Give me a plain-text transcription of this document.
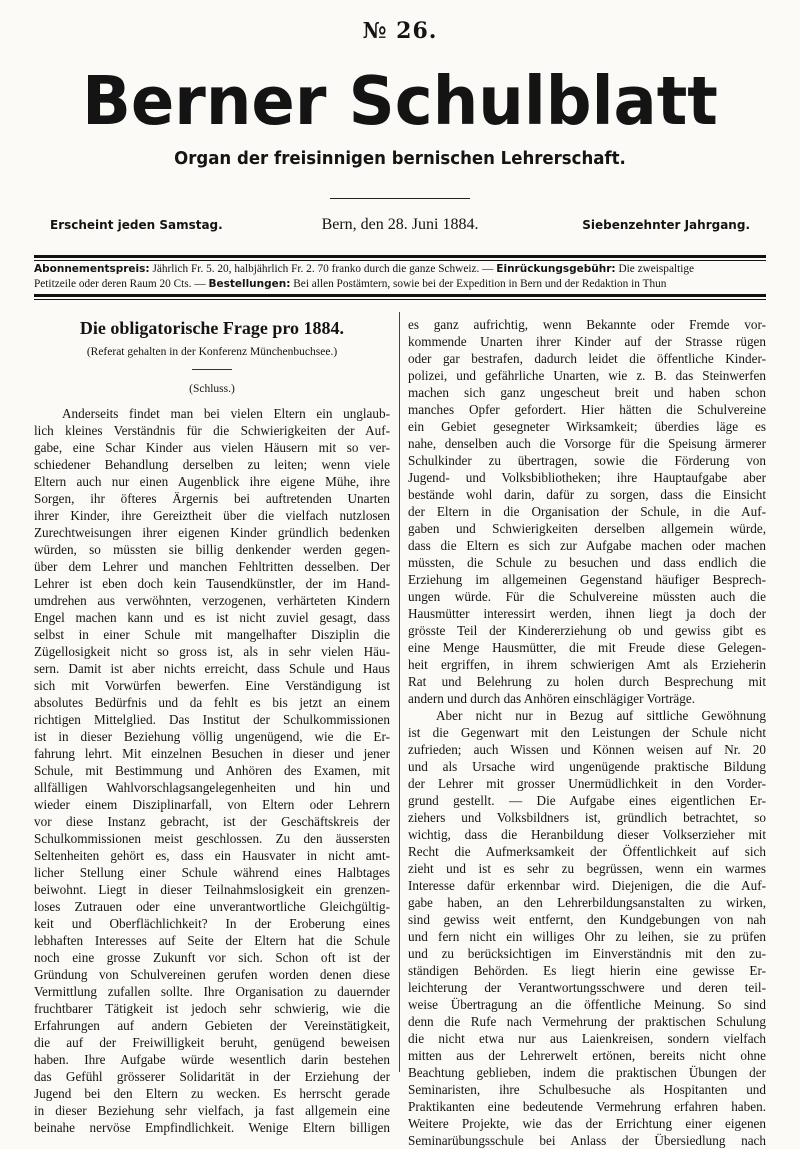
№ 26.
Berner Schulblatt
Organ der freisinnigen bernischen Lehrerschaft.
Erscheint jeden Samstag.	Bern, den 28. Juni 1884.	Siebenzehnter Jahrgang.
Abonnementspreis: Jährlich Fr. 5. 20, halbjährlich Fr. 2. 70 franko durch die ganze Schweiz. — Einrückungsgebühr: Die zweispaltige
Petitzeile oder deren Raum 20 Cts. — Bestellungen: Bei allen Postämtern, sowie bei der Expedition in Bern und der Redaktion in Thun
Die obligatorische Frage pro 1884.
(Referat gehalten in der Konferenz Münchenbuchsee.)
(Schluss.)
Anderseits findet man bei vielen Eltern ein unglaub-
lich kleines Verständnis für die Schwierigkeiten der Auf-
gabe, eine Schar Kinder aus vielen Häusern mit so ver-
schiedener Behandlung derselben zu leiten; wenn viele
Eltern auch nur einen Augenblick ihre eigene Mühe, ihre
Sorgen, ihr öfteres Ärgernis bei auftretenden Unarten
ihrer Kinder, ihre Gereiztheit über die vielfach nutzlosen
Zurechtweisungen ihrer eigenen Kinder gründlich bedenken
würden, so müssten sie billig denkender werden gegen-
über dem Lehrer und manchen Fehltritten desselben. Der
Lehrer ist eben doch kein Tausendkünstler, der im Hand-
umdrehen aus verwöhnten, verzogenen, verhärteten Kindern
Engel machen kann und es ist nicht zuviel gesagt, dass
selbst in einer Schule mit mangelhafter Disziplin die
Zügellosigkeit nicht so gross ist, als in sehr vielen Häu-
sern. Damit ist aber nichts erreicht, dass Schule und Haus
sich mit Vorwürfen bewerfen. Eine Verständigung ist
absolutes Bedürfnis und da fehlt es bis jetzt an einem
richtigen Mittelglied. Das Institut der Schulkommissionen
ist in dieser Beziehung völlig ungenügend, wie die Er-
fahrung lehrt. Mit einzelnen Besuchen in dieser und jener
Schule, mit Bestimmung und Anhören des Examen, mit
allfälligen Wahlvorschlagsangelegenheiten und hin und
wieder einem Disziplinarfall, von Eltern oder Lehrern
vor diese Instanz gebracht, ist der Geschäftskreis der
Schulkommissionen meist geschlossen. Zu den äussersten
Seltenheiten gehört es, dass ein Hausvater in nicht amt-
licher Stellung einer Schule während eines Halbtages
beiwohnt. Liegt in dieser Teilnahmslosigkeit ein grenzen-
loses Zutrauen oder eine unverantwortliche Gleichgültig-
keit und Oberflächlichkeit? In der Eroberung eines
lebhaften Interesses auf Seite der Eltern hat die Schule
noch eine grosse Zukunft vor sich. Schon oft ist der
Gründung von Schulvereinen gerufen worden denen diese
Vermittlung zufallen sollte. Ihre Organisation zu dauernder
fruchtbarer Tätigkeit ist jedoch sehr schwierig, wie die
Erfahrungen auf andern Gebieten der Vereinstätigkeit,
die auf der Freiwilligkeit beruht, genügend beweisen
haben. Ihre Aufgabe würde wesentlich darin bestehen
das Gefühl grösserer Solidarität in der Erziehung der
Jugend bei den Eltern zu wecken. Es herrscht gerade
in dieser Beziehung sehr vielfach, ja fast allgemein eine
beinahe nervöse Empfindlichkeit. Wenige Eltern billigen
es ganz aufrichtig, wenn Bekannte oder Fremde vor-
kommende Unarten ihrer Kinder auf der Strasse rügen
oder gar bestrafen, dadurch leidet die öffentliche Kinder-
polizei, und gefährliche Unarten, wie z. B. das Steinwerfen
machen sich ganz ungescheut breit und haben schon
manches Opfer gefordert. Hier hätten die Schulvereine
ein Gebiet gesegneter Wirksamkeit; überdies läge es
nahe, denselben auch die Vorsorge für die Speisung ärmerer
Schulkinder zu übertragen, sowie die Förderung von
Jugend- und Volksbibliotheken; ihre Hauptaufgabe aber
bestände wohl darin, dafür zu sorgen, dass die Einsicht
der Eltern in die Organisation der Schule, in die Auf-
gaben und Schwierigkeiten derselben allgemein würde,
dass die Eltern es sich zur Aufgabe machen oder machen
müssten, die Schule zu besuchen und dass endlich die
Erziehung im allgemeinen Gegenstand häufiger Besprech-
ungen würde. Für die Schulvereine müssten auch die
Hausmütter interessirt werden, ihnen liegt ja doch der
grösste Teil der Kindererziehung ob und gewiss gibt es
eine Menge Hausmütter, die mit Freude diese Gelegen-
heit ergriffen, in ihrem schwierigen Amt als Erzieherin
Rat und Belehrung zu holen durch Besprechung mit
andern und durch das Anhören einschlägiger Vorträge.
Aber nicht nur in Bezug auf sittliche Gewöhnung
ist die Gegenwart mit den Leistungen der Schule nicht
zufrieden; auch Wissen und Können weisen auf Nr. 20
und als Ursache wird ungenügende praktische Bildung
der Lehrer mit grosser Unermüdlichkeit in den Vorder-
grund gestellt. — Die Aufgabe eines eigentlichen Er-
ziehers und Volksbildners ist, gründlich betrachtet, so
wichtig, dass die Heranbildung dieser Volkserzieher mit
Recht die Aufmerksamkeit der Öffentlichkeit auf sich
zieht und ist es sehr zu begrüssen, wenn ein warmes
Interesse dafür erkennbar wird. Diejenigen, die die Auf-
gabe haben, an den Lehrerbildungsanstalten zu wirken,
sind gewiss weit entfernt, den Kundgebungen von nah
und fern nicht ein williges Ohr zu leihen, sie zu prüfen
und zu berücksichtigen im Einverständnis mit den zu-
ständigen Behörden. Es liegt hierin eine gewisse Er-
leichterung der Verantwortungsschwere und deren teil-
weise Übertragung an die öffentliche Meinung. So sind
denn die Rufe nach Vermehrung der praktischen Schulung
die nicht etwa nur aus Laienkreisen, sondern vielfach
mitten aus der Lehrerwelt ertönen, bereits nicht ohne
Beachtung geblieben, indem die praktischen Übungen der
Seminaristen, ihre Schulbesuche als Hospitanten und
Praktikanten eine bedeutende Vermehrung erfahren haben.
Weitere Projekte, wie das der Errichtung einer eigenen
Seminarübungsschule bei Anlass der Übersiedlung nach
